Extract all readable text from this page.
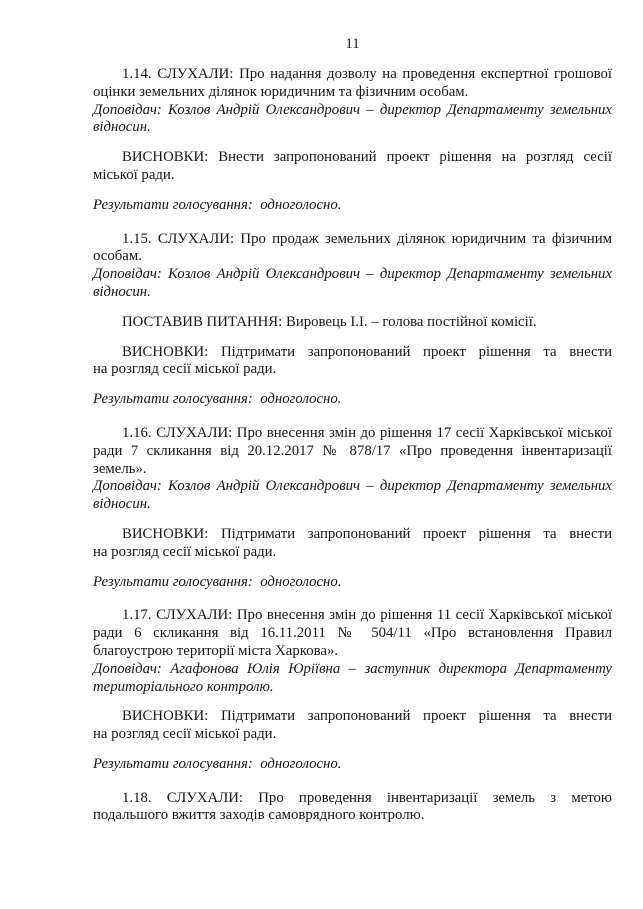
11
1.14. СЛУХАЛИ: Про надання дозволу на проведення експертної грошової
оцінки земельних ділянок юридичним та фізичним особам.
Доповідач: Козлов Андрій Олександрович – директор Департаменту земельних
відносин.
ВИСНОВКИ: Внести запропонований проект рішення на розгляд сесії
міської ради.
Результати голосування:  одноголосно.
1.15. СЛУХАЛИ: Про продаж земельних ділянок юридичним та фізичним
особам.
Доповідач: Козлов Андрій Олександрович – директор Департаменту земельних
відносин.
ПОСТАВИВ ПИТАННЯ: Вировець І.І. – голова постійної комісії.
ВИСНОВКИ: Підтримати запропонований проект рішення та внести
на розгляд сесії міської ради.
Результати голосування:  одноголосно.
1.16. СЛУХАЛИ: Про внесення змін до рішення 17 сесії Харківської міської
ради 7 скликання від 20.12.2017 № 878/17 «Про проведення інвентаризації
земель».
Доповідач: Козлов Андрій Олександрович – директор Департаменту земельних
відносин.
ВИСНОВКИ: Підтримати запропонований проект рішення та внести
на розгляд сесії міської ради.
Результати голосування:  одноголосно.
1.17. СЛУХАЛИ: Про внесення змін до рішення 11 сесії Харківської міської
ради 6 скликання від 16.11.2011 № 504/11 «Про встановлення Правил
благоустрою території міста Харкова».
Доповідач: Агафонова Юлія Юріївна – заступник директора Департаменту
територіального контролю.
ВИСНОВКИ: Підтримати запропонований проект рішення та внести
на розгляд сесії міської ради.
Результати голосування:  одноголосно.
1.18. СЛУХАЛИ: Про проведення інвентаризації земель з метою
подальшого вжиття заходів самоврядного контролю.
